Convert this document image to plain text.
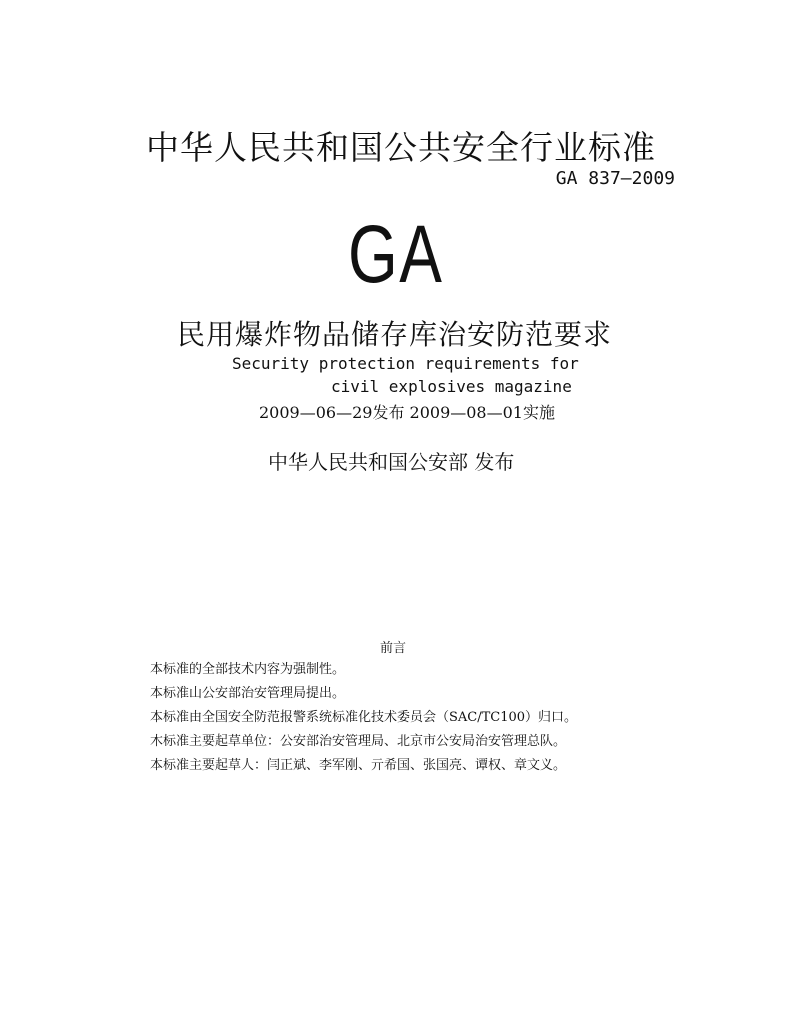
中华人民共和国公共安全行业标准
GA 837—2009
GA
民用爆炸物品储存库治安防范要求
Security protection requirements for
civil explosives magazine
2009—06—29发布 2009—08—01实施
中华人民共和国公安部 发布
前言
本标准的全部技术内容为强制性。
本标准山公安部治安管理局提出。
本标准由全国安全防范报警系统标准化技术委员会（SAC/TC100）归口。
木标准主要起草单位：公安部治安管理局、北京市公安局治安管理总队。
本标准主要起草人：闫正斌、李军刚、亓希国、张国亮、谭权、章文义。
